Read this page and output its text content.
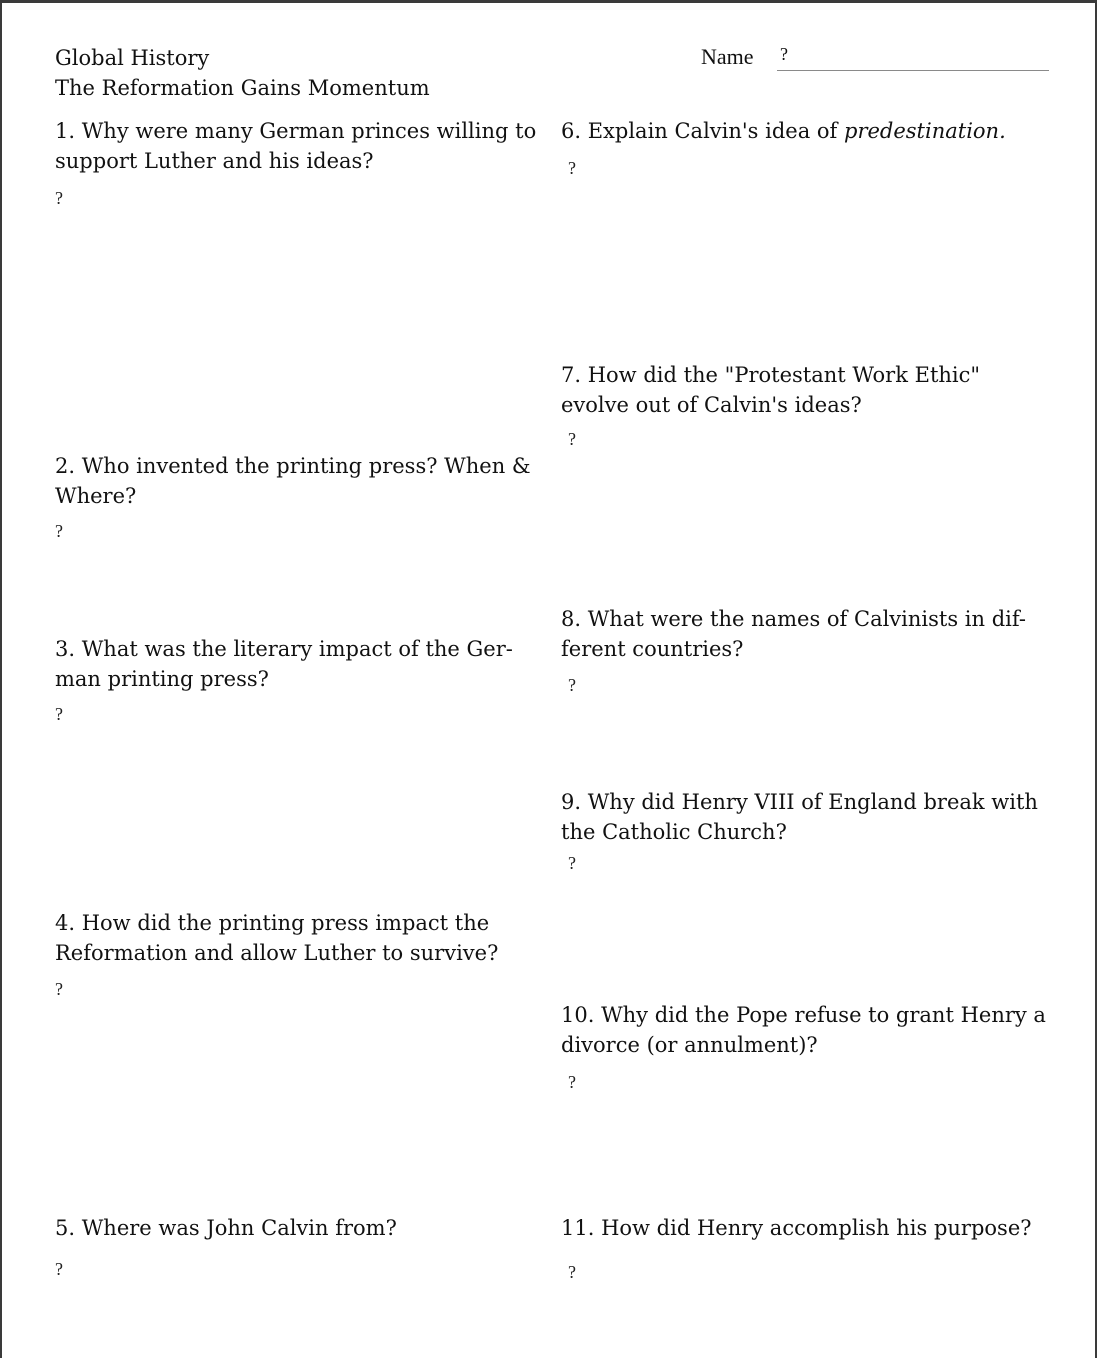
Global History
The Reformation Gains Momentum
Name ?
1. Why were many German princes willing to support Luther and his ideas?
?
2. Who invented the printing press? When & Where?
?
3. What was the literary impact of the Ger-man printing press?
?
4. How did the printing press impact the Reformation and allow Luther to survive?
?
5. Where was John Calvin from?
?
6. Explain Calvin's idea of predestination.
?
7. How did the "Protestant Work Ethic" evolve out of Calvin's ideas?
?
8. What were the names of Calvinists in dif-ferent countries?
?
9. Why did Henry VIII of England break with the Catholic Church?
?
10. Why did the Pope refuse to grant Henry a divorce (or annulment)?
?
11. How did Henry accomplish his purpose?
?
